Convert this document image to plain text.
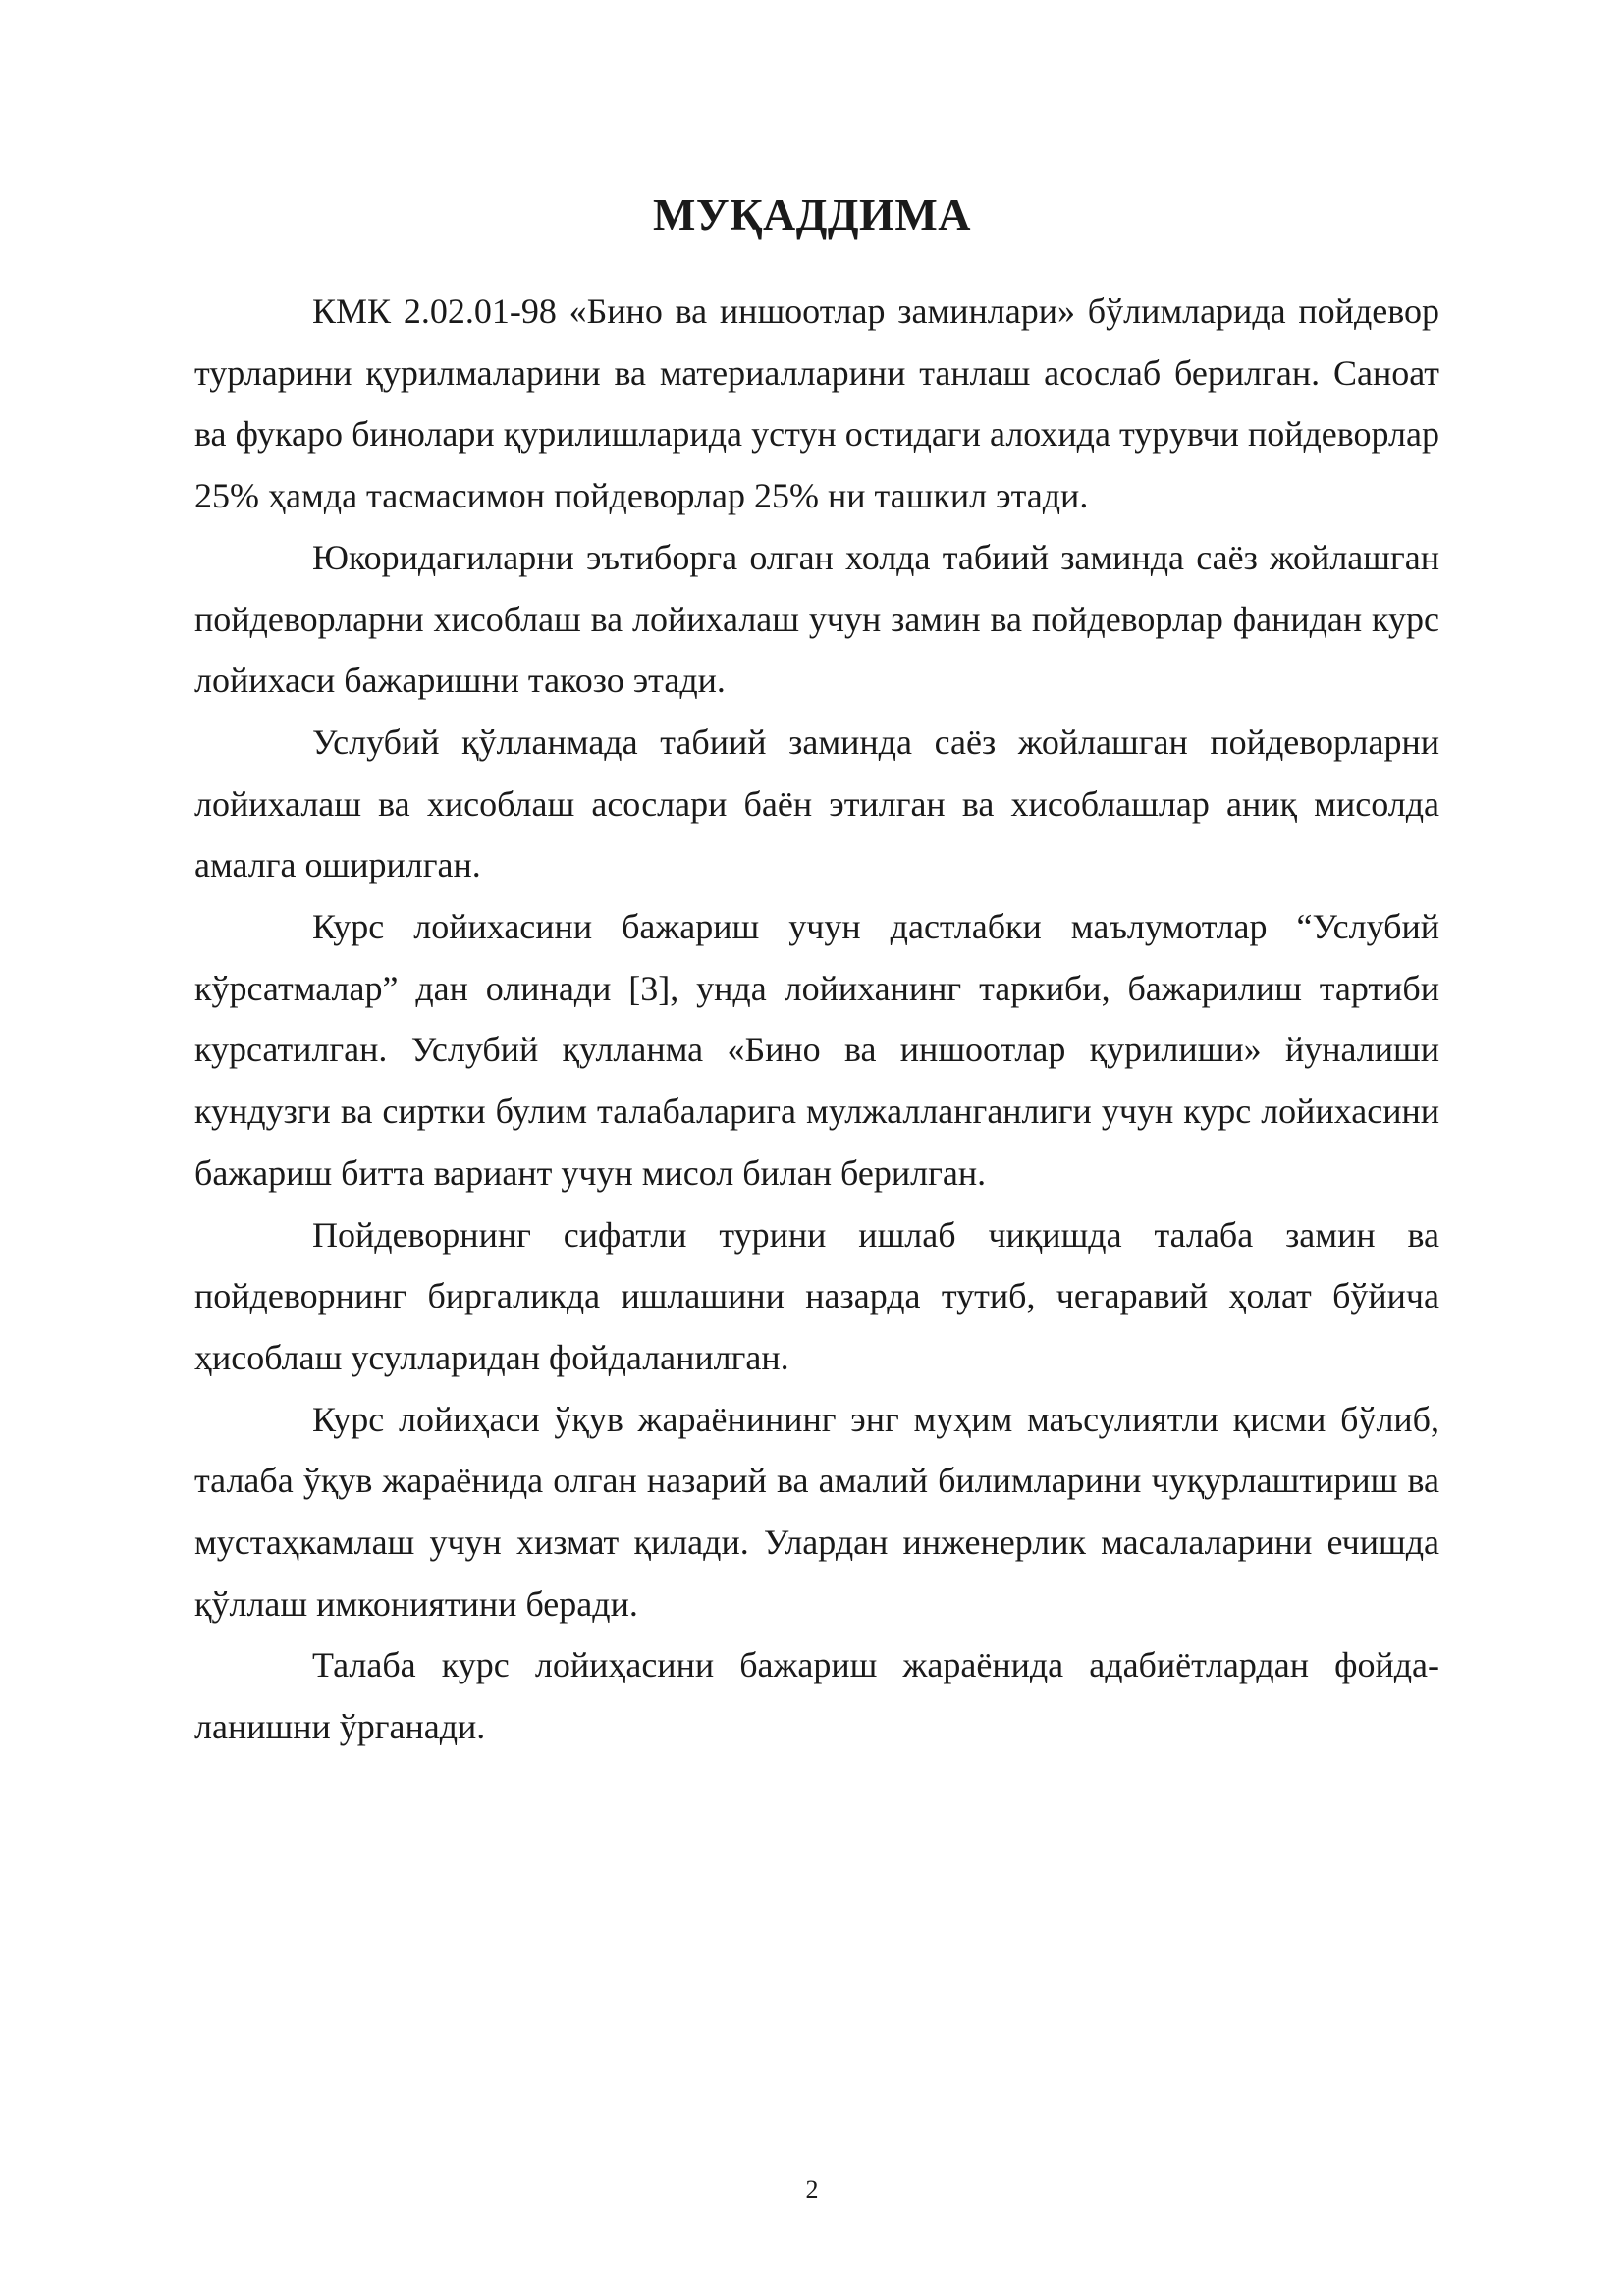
МУҚАДДИМА

КМК 2.02.01-98 «Бино ва иншоотлар заминлари» бўлимларида пойдевор турларини қурилмаларини ва материалларини танлаш асослаб берилган. Саноат ва фукаро бинолари қурилишларида устун остидаги алохида турувчи пойдеворлар 25% ҳамда тасмасимон пойдеворлар 25% ни ташкил этади.

Юкоридагиларни эътиборга олган холда табиий заминда саёз жойлашган пойдеворларни хисоблаш ва лойихалаш учун замин ва пойдеворлар фанидан курс лойихаси бажаришни такозо этади.

Услубий қўлланмада табиий заминда саёз жойлашган пойдеворларни лойихалаш ва хисоблаш асослари баён этилган ва хисоблашлар аниқ мисолда амалга оширилган.

Курс лойихасини бажариш учун дастлабки маълумотлар “Услубий кўрсатмалар” дан олинади [3], унда лойиханинг таркиби, бажарилиш тартиби курсатилган. Услубий қулланма «Бино ва иншоотлар қурилиши» йуналиши кундузги ва сиртки булим талабаларига мулжалланганлиги учун курс лойихасини бажариш битта вариант учун мисол билан берилган.

Пойдеворнинг сифатли турини ишлаб чиқишда талаба замин ва пойдеворнинг биргаликда ишлашини назарда тутиб, чегаравий ҳолат бўйича ҳисоблаш усулларидан фойдаланилган.

Курс лойиҳаси ўқув жараёнининг энг муҳим маъсулиятли қисми бўлиб, талаба ўқув жараёнида олган назарий ва амалий билимларини чуқурлаштириш ва мустаҳкамлаш учун хизмат қилади. Улардан инженерлик масалаларини ечишда қўллаш имкониятини беради.

Талаба курс лойиҳасини бажариш жараёнида адабиётлардан фойда-ланишни ўрганади.

2
